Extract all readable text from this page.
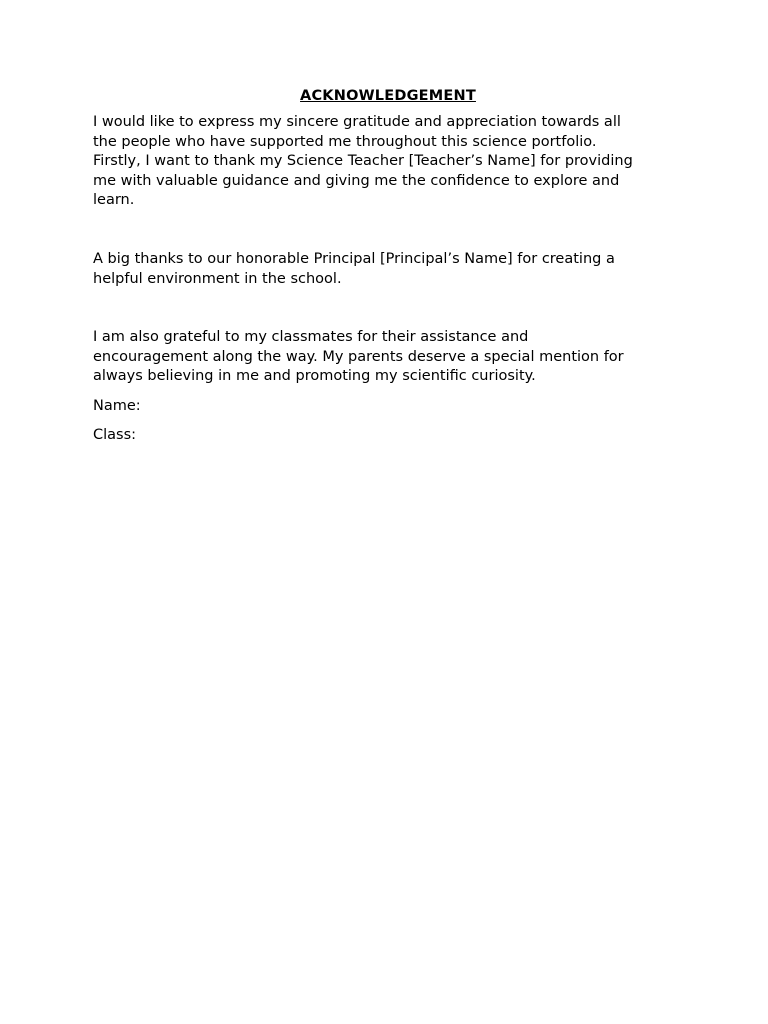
ACKNOWLEDGEMENT

I would like to express my sincere gratitude and appreciation towards all
the people who have supported me throughout this science portfolio.
Firstly, I want to thank my Science Teacher [Teacher’s Name] for providing
me with valuable guidance and giving me the confidence to explore and
learn.

A big thanks to our honorable Principal [Principal’s Name] for creating a
helpful environment in the school.

I am also grateful to my classmates for their assistance and
encouragement along the way. My parents deserve a special mention for
always believing in me and promoting my scientific curiosity.

Name:

Class:
